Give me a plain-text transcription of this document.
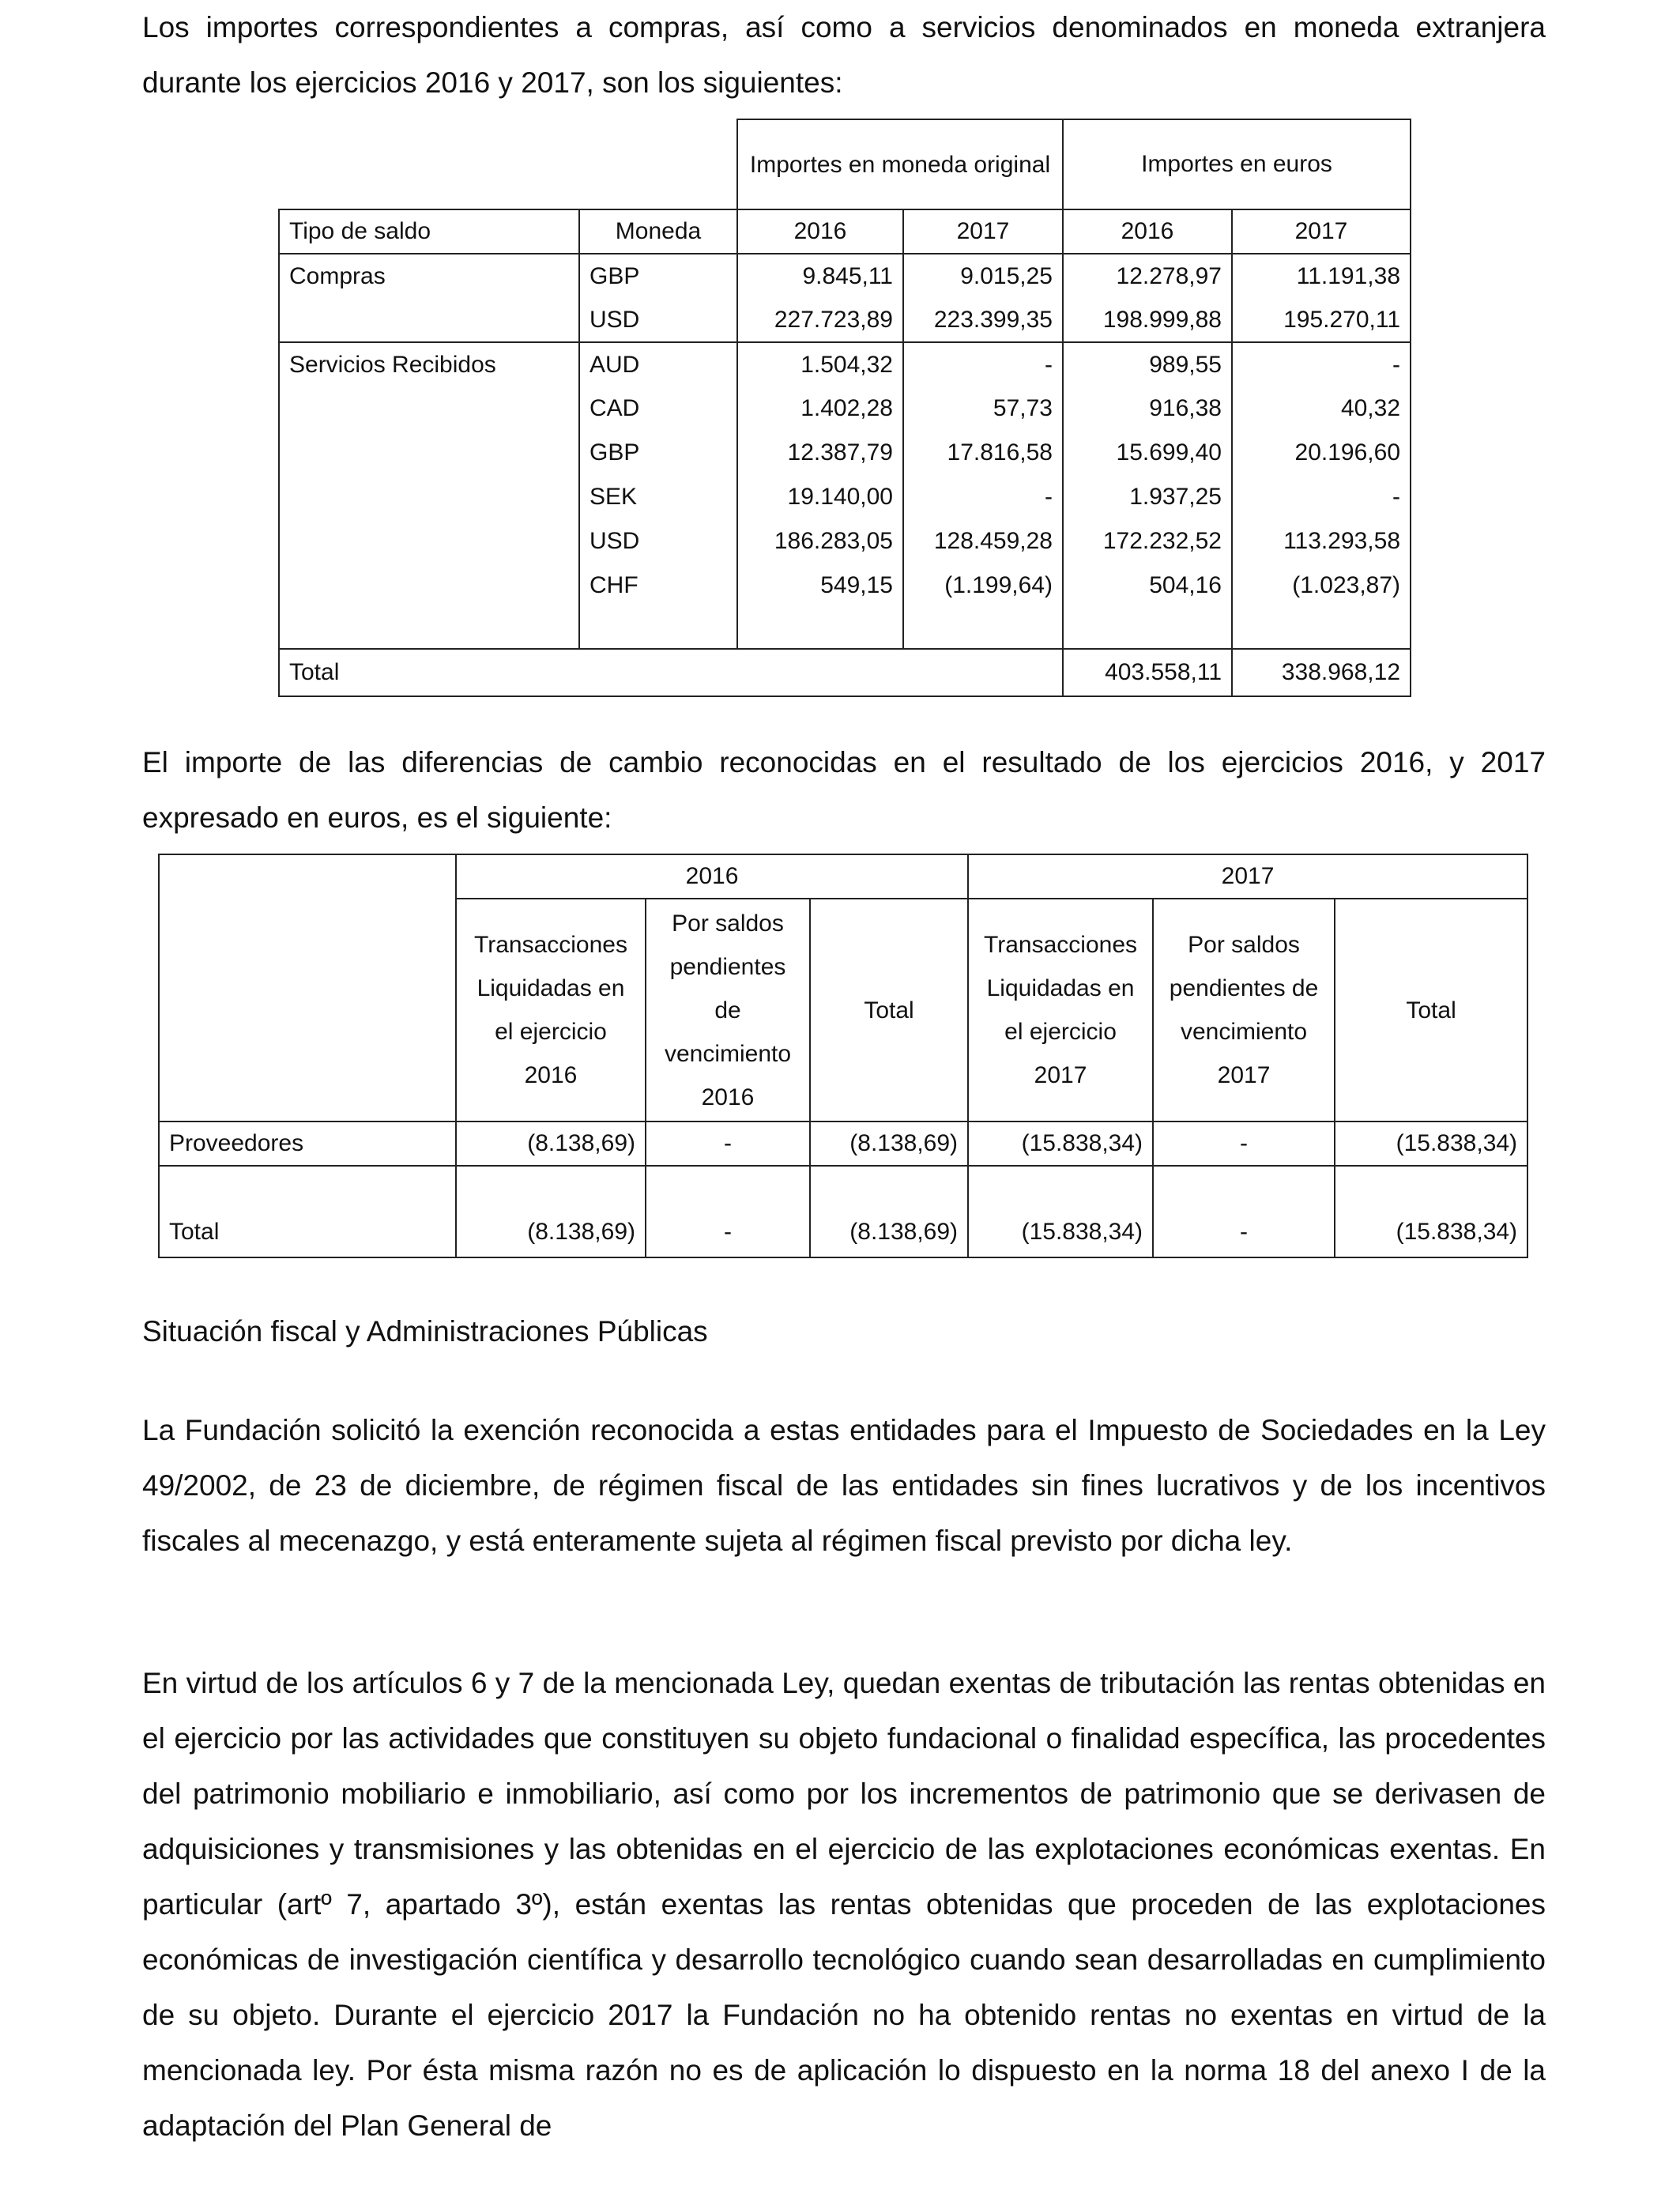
Los importes correspondientes a compras, así como a servicios denominados en moneda extranjera durante los ejercicios 2016 y 2017, son los siguientes:

		Importes en moneda original		Importes en euros	
Tipo de saldo	Moneda	2016	2017	2016	2017
Compras	GBP	9.845,11	9.015,25	12.278,97	11.191,38
	USD	227.723,89	223.399,35	198.999,88	195.270,11
Servicios Recibidos	AUD	1.504,32	-	989,55	-
	CAD	1.402,28	57,73	916,38	40,32
	GBP	12.387,79	17.816,58	15.699,40	20.196,60
	SEK	19.140,00	-	1.937,25	-
	USD	186.283,05	128.459,28	172.232,52	113.293,58
	CHF	549,15	(1.199,64)	504,16	(1.023,87)

Total				403.558,11	338.968,12

El importe de las diferencias de cambio reconocidas en el resultado de los ejercicios 2016, y 2017 expresado en euros, es el siguiente:

	2016			2017		
	Transacciones Liquidadas en el ejercicio 2016	Por saldos pendientes de vencimiento 2016	Total	Transacciones Liquidadas en el ejercicio 2017	Por saldos pendientes de vencimiento 2017	Total
Proveedores	(8.138,69)	-	(8.138,69)	(15.838,34)	-	(15.838,34)

Total	(8.138,69)	-	(8.138,69)	(15.838,34)	-	(15.838,34)

Situación fiscal y Administraciones Públicas

La Fundación solicitó la exención reconocida a estas entidades para el Impuesto de Sociedades en la Ley 49/2002, de 23 de diciembre, de régimen fiscal de las entidades sin fines lucrativos y de los incentivos fiscales al mecenazgo, y está enteramente sujeta al régimen fiscal previsto por dicha ley.

En virtud de los artículos 6 y 7 de la mencionada Ley, quedan exentas de tributación las rentas obtenidas en el ejercicio por las actividades que constituyen su objeto fundacional o finalidad específica, las procedentes del patrimonio mobiliario e inmobiliario, así como por los incrementos de patrimonio que se derivasen de adquisiciones y transmisiones y las obtenidas en el ejercicio de las explotaciones económicas exentas. En particular (artº 7, apartado 3º), están exentas las rentas obtenidas que proceden de las explotaciones económicas de investigación científica y desarrollo tecnológico cuando sean desarrolladas en cumplimiento de su objeto. Durante el ejercicio 2017 la Fundación no ha obtenido rentas no exentas en virtud de la mencionada ley. Por ésta misma razón no es de aplicación lo dispuesto en la norma 18 del anexo I de la adaptación del Plan General de
